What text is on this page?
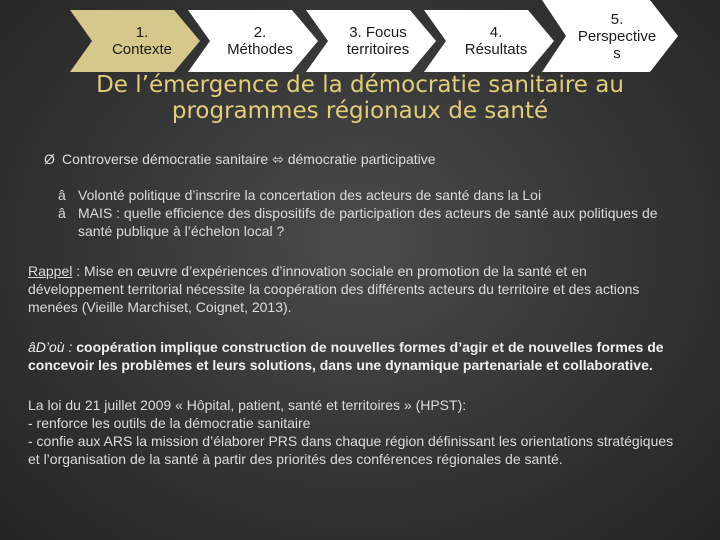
1.
Contexte
2.
Méthodes
3. Focus
territoires
4.
Résultats
5.
Perspective
s
De l’émergence de la démocratie sanitaire au
programmes régionaux de santé

Ø Controverse démocratie sanitaire ⬄ démocratie participative

â Volonté politique d’inscrire la concertation des acteurs de santé dans la Loi
â MAIS : quelle efficience des dispositifs de participation des acteurs de santé aux politiques de santé publique à l’échelon local ?

Rappel : Mise en œuvre d’expériences d’innovation sociale en promotion de la santé et en développement territorial nécessite la coopération des différents acteurs du territoire et des actions menées (Vieille Marchiset, Coignet, 2013).

âD’où : coopération implique construction de nouvelles formes d’agir et de nouvelles formes de concevoir les problèmes et leurs solutions, dans une dynamique partenariale et collaborative.

La loi du 21 juillet 2009 « Hôpital, patient, santé et territoires » (HPST):
- renforce les outils de la démocratie sanitaire
- confie aux ARS la mission d’élaborer PRS dans chaque région définissant les orientations stratégiques et l’organisation de la santé à partir des priorités des conférences régionales de santé.
